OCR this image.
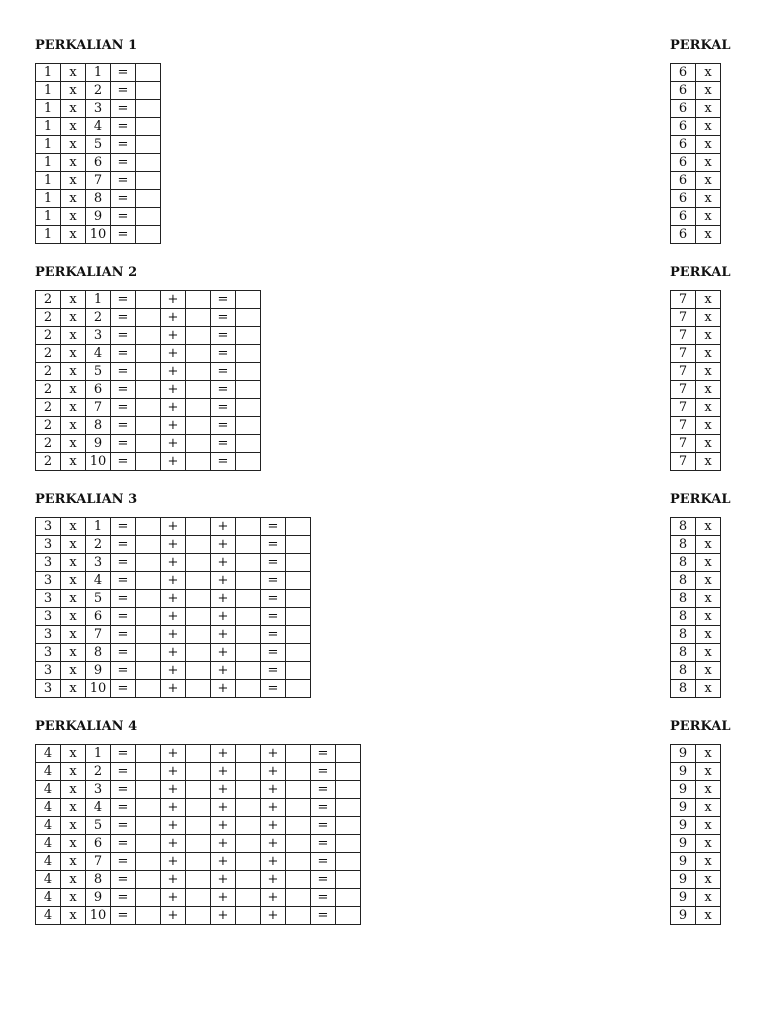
PERKALIAN 1
1	x	1	=	
1	x	2	=	
1	x	3	=	
1	x	4	=	
1	x	5	=	
1	x	6	=	
1	x	7	=	
1	x	8	=	
1	x	9	=	
1	x	10	=	
PERKALIAN 2
2	x	1	=		+		=	
2	x	2	=		+		=	
2	x	3	=		+		=	
2	x	4	=		+		=	
2	x	5	=		+		=	
2	x	6	=		+		=	
2	x	7	=		+		=	
2	x	8	=		+		=	
2	x	9	=		+		=	
2	x	10	=		+		=	
PERKALIAN 3
3	x	1	=		+		+		=	
3	x	2	=		+		+		=	
3	x	3	=		+		+		=	
3	x	4	=		+		+		=	
3	x	5	=		+		+		=	
3	x	6	=		+		+		=	
3	x	7	=		+		+		=	
3	x	8	=		+		+		=	
3	x	9	=		+		+		=	
3	x	10	=		+		+		=	
PERKALIAN 4
4	x	1	=		+		+		+		=	
4	x	2	=		+		+		+		=	
4	x	3	=		+		+		+		=	
4	x	4	=		+		+		+		=	
4	x	5	=		+		+		+		=	
4	x	6	=		+		+		+		=	
4	x	7	=		+		+		+		=	
4	x	8	=		+		+		+		=	
4	x	9	=		+		+		+		=	
4	x	10	=		+		+		+		=	
PERKAL
6	x
6	x
6	x
6	x
6	x
6	x
6	x
6	x
6	x
6	x
PERKAL
7	x
7	x
7	x
7	x
7	x
7	x
7	x
7	x
7	x
7	x
PERKAL
8	x
8	x
8	x
8	x
8	x
8	x
8	x
8	x
8	x
8	x
PERKAL
9	x
9	x
9	x
9	x
9	x
9	x
9	x
9	x
9	x
9	x
